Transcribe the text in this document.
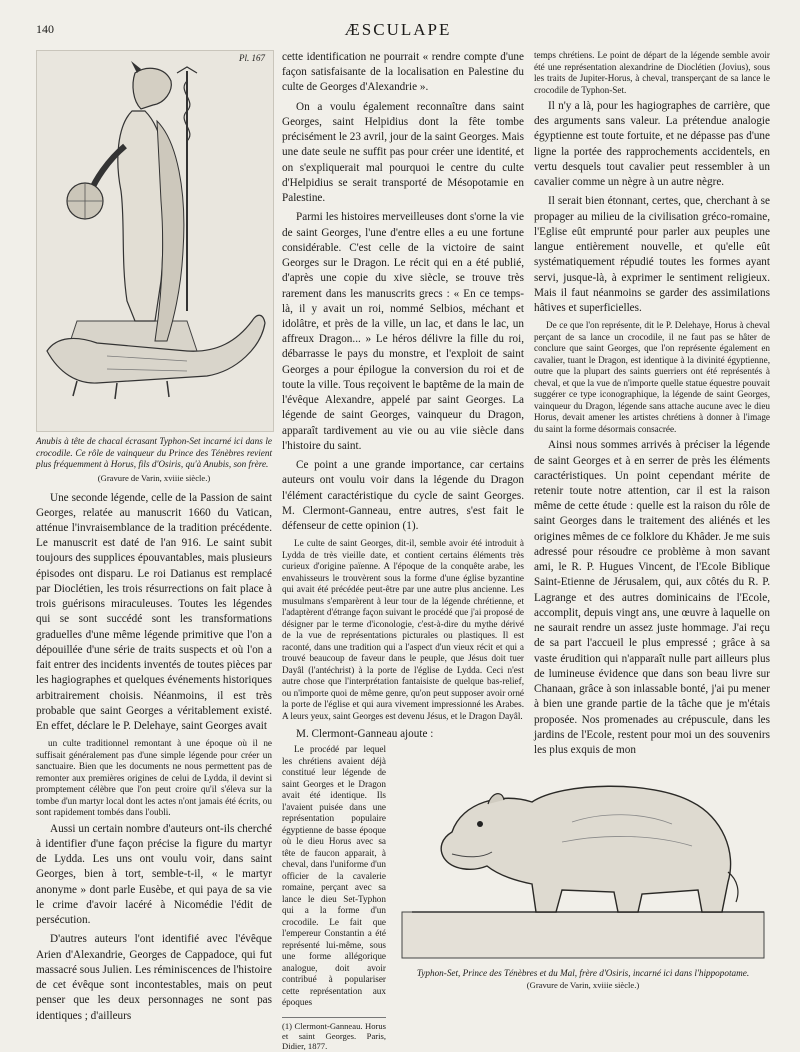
140	ÆSCULAPE
Pl. 167
Anubis à tête de chacal écrasant Typhon-Set incarné ici dans le crocodile. Ce rôle de vainqueur du Prince des Ténèbres revient plus fréquemment à Horus, fils d'Osiris, qu'à Anubis, son frère.
(Gravure de Varin, xviiie siècle.)

Une seconde légende, celle de la Passion de saint Georges, relatée au manuscrit 1660 du Vatican, atténue l'invraisemblance de la tradition précédente. Le manuscrit est daté de l'an 916. Le saint subit toujours des supplices épouvantables, mais plusieurs épisodes ont disparu. Le roi Datianus est remplacé par Dioclétien, les trois résurrections on fait place à trois guérisons miraculeuses. Toutes les légendes qui se sont succédé sont les transformations graduelles d'une même légende primitive que l'on a dépouillée d'une série de traits suspects et où l'on a fait entrer des incidents inventés de toutes pièces par les hagiographes et quelques événements historiques arbitrairement choisis. Néanmoins, il est très probable que saint Georges a véritablement existé. En effet, déclare le P. Delehaye, saint Georges avait

un culte traditionnel remontant à une époque où il ne suffisait généralement pas d'une simple légende pour créer un sanctuaire. Bien que les documents ne nous permettent pas de remonter aux premières origines de celui de Lydda, il devint si promptement célèbre que l'on peut croire qu'il s'éleva sur la tombe d'un martyr local dont les actes n'ont jamais été écrits, ou sont rapidement tombés dans l'oubli.

Aussi un certain nombre d'auteurs ont-ils cherché à identifier d'une façon précise la figure du martyr de Lydda. Les uns ont voulu voir, dans saint Georges, bien à tort, semble-t-il, « le martyr anonyme » dont parle Eusèbe, et qui paya de sa vie le crime d'avoir lacéré à Nicomédie l'édit de persécution.

D'autres auteurs l'ont identifié avec l'évêque Arien d'Alexandrie, Georges de Cappadoce, qui fut massacré sous Julien. Les réminiscences de l'histoire de cet évêque sont incontestables, mais on peut penser que les deux personnages ne sont pas identiques ; d'ailleurs

cette identification ne pourrait « rendre compte d'une façon satisfaisante de la localisation en Palestine du culte de Georges d'Alexandrie ».

On a voulu également reconnaître dans saint Georges, saint Helpidius dont la fête tombe précisément le 23 avril, jour de la saint Georges. Mais une date seule ne suffit pas pour créer une identité, et on s'expliquerait mal pourquoi le centre du culte d'Helpidius se serait transporté de Mésopotamie en Palestine.

Parmi les histoires merveilleuses dont s'orne la vie de saint Georges, l'une d'entre elles a eu une fortune considérable. C'est celle de la victoire de saint Georges sur le Dragon. Le récit qui en a été publié, d'après une copie du xive siècle, se trouve très rarement dans les manuscrits grecs : « En ce temps-là, il y avait un roi, nommé Selbios, méchant et idolâtre, et près de la ville, un lac, et dans le lac, un affreux Dragon... » Le héros délivre la fille du roi, débarrasse le pays du monstre, et l'exploit de saint Georges a pour épilogue la conversion du roi et de toute la ville. Tous reçoivent le baptême de la main de l'évêque Alexandre, appelé par saint Georges. La légende de saint Georges, vainqueur du Dragon, apparaît tardivement au vie ou au viie siècle dans l'histoire du saint.

Ce point a une grande importance, car certains auteurs ont voulu voir dans la légende du Dragon l'élément caractéristique du cycle de saint Georges. M. Clermont-Ganneau, entre autres, s'est fait le défenseur de cette opinion (1).

Le culte de saint Georges, dit-il, semble avoir été introduit à Lydda de très vieille date, et contient certains éléments très curieux d'origine païenne. A l'époque de la conquête arabe, les envahisseurs le trouvèrent sous la forme d'une église byzantine qui avait été précédée peut-être par une autre plus ancienne. Les musulmans s'emparèrent à leur tour de la légende chrétienne, et l'adaptèrent d'étrange façon suivant le procédé que j'ai proposé de désigner par le terme d'iconologie, c'est-à-dire du mythe dérivé de la vue de représentations picturales ou plastiques. Il est raconté, dans une tradition qui a l'aspect d'un vieux récit et qui a trouvé beaucoup de faveur dans le peuple, que Jésus doit tuer Dayâl (l'antéchrist) à la porte de l'église de Lydda. Ceci n'est autre chose que l'interprétation fantaisiste de quelque bas-relief, ou n'importe quoi de même genre, qu'on peut supposer avoir orné la porte de l'église et qui aura vivement impressionné les Arabes. A leurs yeux, saint Georges est devenu Jésus, et le Dragon Dayâl.

M. Clermont-Ganneau ajoute :

Le procédé par lequel les chrétiens avaient déjà constitué leur légende de saint Georges et le Dragon avait été identique. Ils l'avaient puisée dans une représentation populaire égyptienne de basse époque où le dieu Horus avec sa tête de faucon apparait, à cheval, dans l'uniforme d'un officier de la cavalerie romaine, perçant avec sa lance le dieu Set-Typhon qui a la forme d'un crocodile. Le fait que l'empereur Constantin a été représenté lui-même, sous une forme allégorique analogue, doit avoir contribué à populariser cette représentation aux époques

(1) Clermont-Ganneau. Horus et saint Georges. Paris, Didier, 1877.

temps chrétiens. Le point de départ de la légende semble avoir été une représentation alexandrine de Dioclétien (Jovius), sous les traits de Jupiter-Horus, à cheval, transperçant de sa lance le crocodile de Typhon-Set.

Il n'y a là, pour les hagiographes de carrière, que des arguments sans valeur. La prétendue analogie égyptienne est toute fortuite, et ne dépasse pas d'une ligne la portée des rapprochements accidentels, en vertu desquels tout cavalier peut ressembler à un cavalier comme un nègre à un autre nègre.

Il serait bien étonnant, certes, que, cherchant à se propager au milieu de la civilisation gréco-romaine, l'Eglise eût emprunté pour parler aux peuples une langue entièrement nouvelle, et qu'elle eût systématiquement répudié toutes les formes ayant servi, jusque-là, à exprimer le sentiment religieux. Mais il faut néanmoins se garder des assimilations hâtives et superficielles.

De ce que l'on représente, dit le P. Delehaye, Horus à cheval perçant de sa lance un crocodile, il ne faut pas se hâter de conclure que saint Georges, que l'on représente également en cavalier, tuant le Dragon, est identique à la divinité égyptienne, outre que la plupart des saints guerriers ont été représentés à cheval, et que la vue de n'importe quelle statue équestre pouvait suggérer ce type iconographique, la légende de saint Georges, vainqueur du Dragon, légende sans attache aucune avec le dieu Horus, devait amener les artistes chrétiens à donner à l'image du saint la forme désormais consacrée.

Ainsi nous sommes arrivés à préciser la légende de saint Georges et à en serrer de près les éléments caractéristiques. Un point cependant mérite de retenir toute notre attention, car il est la raison même de cette étude : quelle est la raison du rôle de saint Georges dans le traitement des aliénés et les origines mêmes de ce folklore du Khâder. Je me suis adressé pour résoudre ce problème à mon savant ami, le R. P. Hugues Vincent, de l'Ecole Biblique Saint-Etienne de Jérusalem, qui, aux côtés du R. P. Lagrange et des autres dominicains de l'Ecole, accomplit, depuis vingt ans, une œuvre à laquelle on ne saurait rendre un assez juste hommage. J'ai reçu de sa part l'accueil le plus empressé ; grâce à sa vaste érudition qui n'apparaît nulle part ailleurs plus de lumineuse évidence que dans son beau livre sur Chanaan, grâce à son inlassable bonté, j'ai pu mener à bien une grande partie de la tâche que je m'étais proposée. Nos promenades au crépuscule, dans les jardins de l'Ecole, restent pour moi un des souvenirs les plus exquis de mon

Typhon-Set, Prince des Ténèbres et du Mal, frère d'Osiris, incarné ici dans l'hippopotame.
(Gravure de Varin, xviiie siècle.)
